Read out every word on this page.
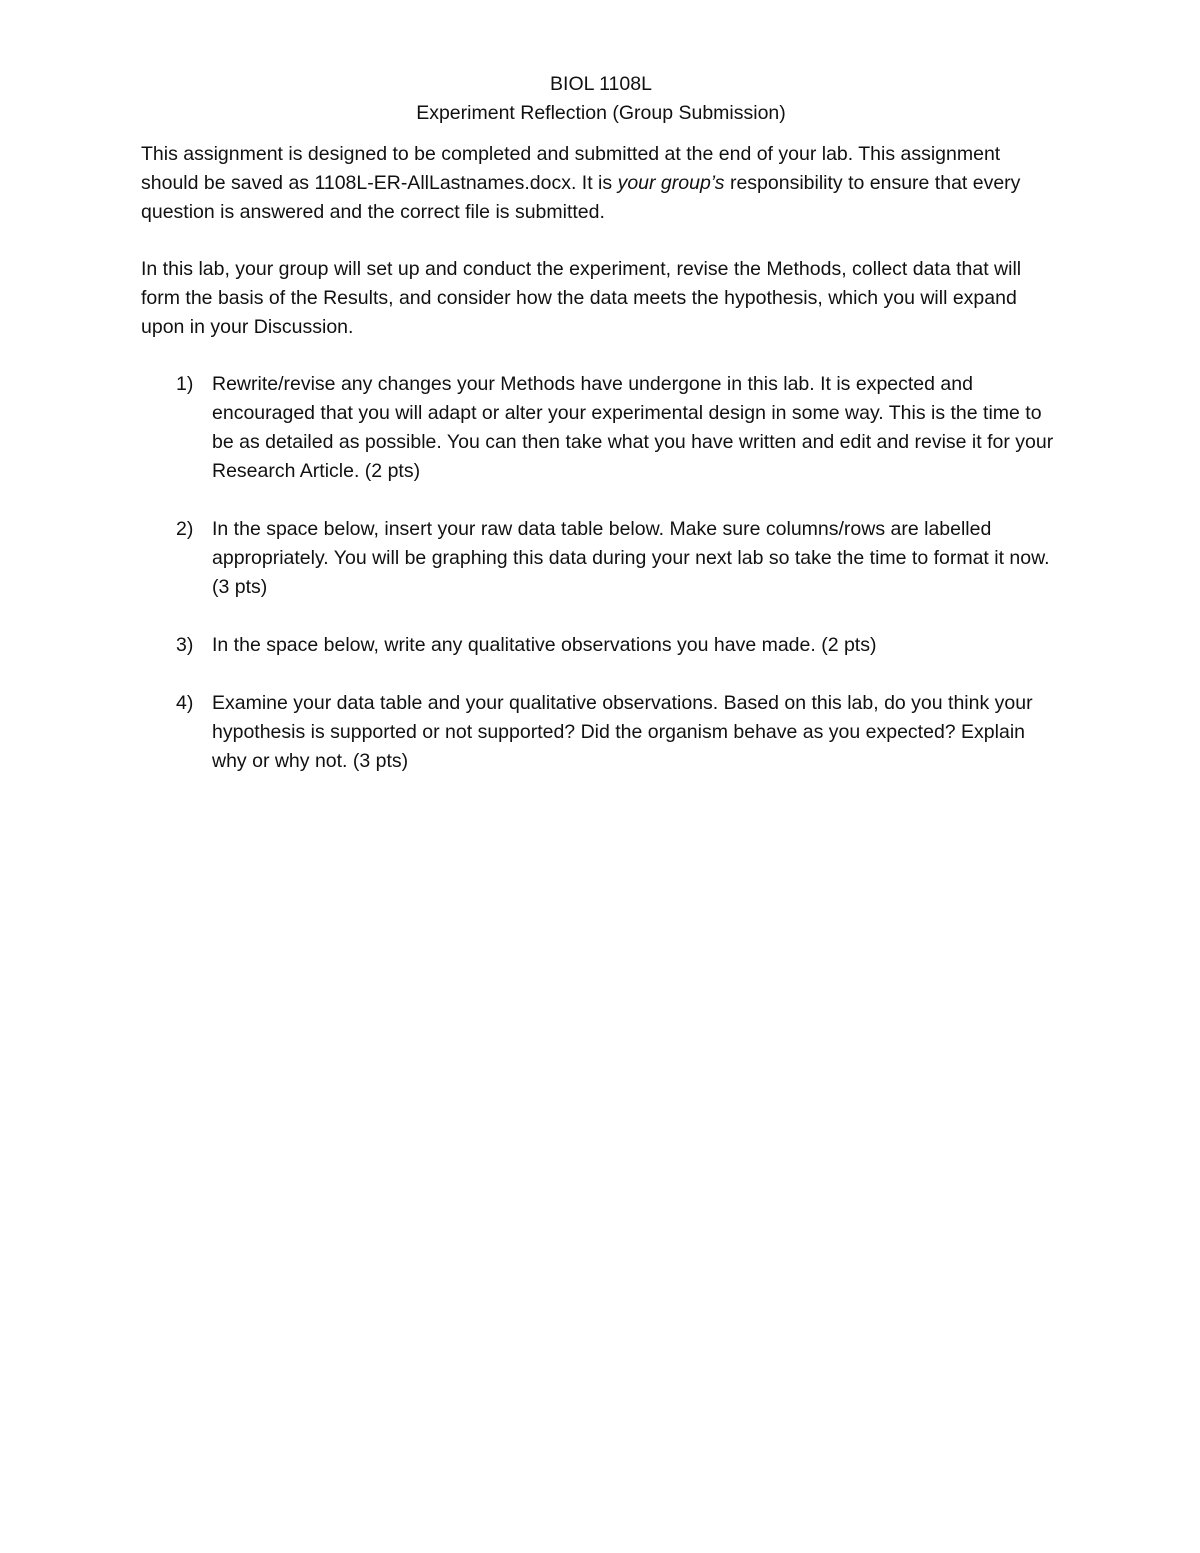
BIOL 1108L

Experiment Reflection (Group Submission)

This assignment is designed to be completed and submitted at the end of your lab. This assignment should be saved as 1108L-ER-AllLastnames.docx. It is your group’s responsibility to ensure that every question is answered and the correct file is submitted.

In this lab, your group will set up and conduct the experiment, revise the Methods, collect data that will form the basis of the Results, and consider how the data meets the hypothesis, which you will expand upon in your Discussion.

1) Rewrite/revise any changes your Methods have undergone in this lab. It is expected and encouraged that you will adapt or alter your experimental design in some way. This is the time to be as detailed as possible. You can then take what you have written and edit and revise it for your Research Article. (2 pts)
2) In the space below, insert your raw data table below. Make sure columns/rows are labelled appropriately. You will be graphing this data during your next lab so take the time to format it now. (3 pts)
3) In the space below, write any qualitative observations you have made. (2 pts)
4) Examine your data table and your qualitative observations. Based on this lab, do you think your hypothesis is supported or not supported? Did the organism behave as you expected? Explain why or why not. (3 pts)
